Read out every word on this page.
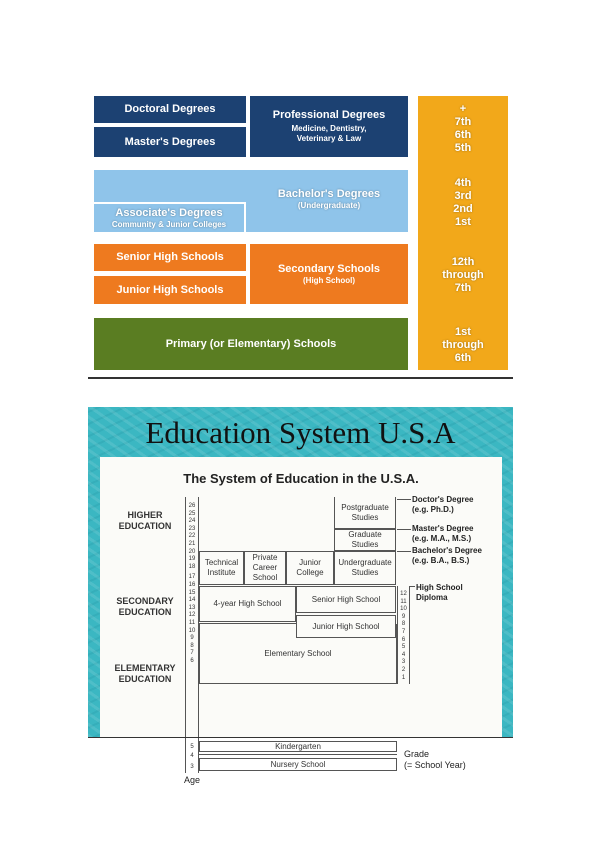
Doctoral Degrees
Master's Degrees
Professional Degrees
Medicine, Dentistry,
Veterinary & Law
Bachelor's Degrees
(Undergraduate)
Associate's Degrees
Community & Junior Colleges
Senior High Schools
Junior High Schools
Secondary Schools
(High School)
Primary (or Elementary) Schools
+
7th
6th
5th
4th
3rd
2nd
1st
12th
through
7th
1st
through
6th
Education System U.S.A
The System of Education in the U.S.A.
HIGHER
EDUCATION
SECONDARY
EDUCATION
ELEMENTARY
EDUCATION
Age
26
25
24
23
22
21
20
19
18
17
16
15
14
13
12
11
10
9
8
7
6
5
4
3
12
11
10
9
8
7
6
5
4
3
2
1
Postgraduate Studies
Graduate Studies
Undergraduate Studies
Technical Institute
Private Career School
Junior College
4-year High School	Senior High School
Junior High School
Elementary School
Kindergarten
Nursery School
Doctor's Degree
(e.g. Ph.D.)
Master's Degree
(e.g. M.A., M.S.)
Bachelor's Degree
(e.g. B.A., B.S.)
High School
Diploma
Grade
(= School Year)
